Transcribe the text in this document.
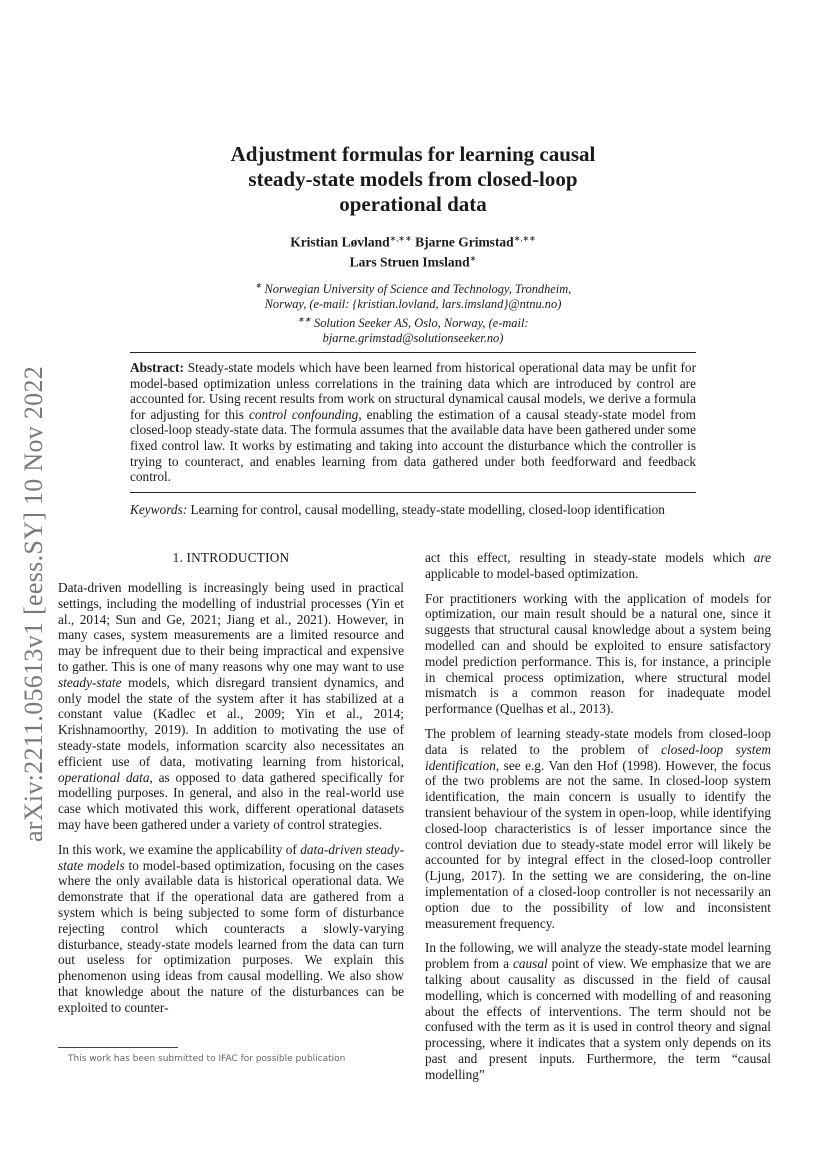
arXiv:2211.05613v1 [eess.SY] 10 Nov 2022
Adjustment formulas for learning causal
steady-state models from closed-loop
operational data
Kristian Løvland∗,∗∗ Bjarne Grimstad∗,∗∗
Lars Struen Imsland∗
∗ Norwegian University of Science and Technology, Trondheim,
Norway, (e-mail: {kristian.lovland, lars.imsland}@ntnu.no)
∗∗ Solution Seeker AS, Oslo, Norway, (e-mail:
bjarne.grimstad@solutionseeker.no)
Abstract: Steady-state models which have been learned from historical operational data may be unfit for model-based optimization unless correlations in the training data which are introduced by control are accounted for. Using recent results from work on structural dynamical causal models, we derive a formula for adjusting for this control confounding, enabling the estimation of a causal steady-state model from closed-loop steady-state data. The formula assumes that the available data have been gathered under some fixed control law. It works by estimating and taking into account the disturbance which the controller is trying to counteract, and enables learning from data gathered under both feedforward and feedback control.
Keywords: Learning for control, causal modelling, steady-state modelling, closed-loop identification
1. INTRODUCTION

Data-driven modelling is increasingly being used in practical settings, including the modelling of industrial processes (Yin et al., 2014; Sun and Ge, 2021; Jiang et al., 2021). However, in many cases, system measurements are a limited resource and may be infrequent due to their being impractical and expensive to gather. This is one of many reasons why one may want to use steady-state models, which disregard transient dynamics, and only model the state of the system after it has stabilized at a constant value (Kadlec et al., 2009; Yin et al., 2014; Krishnamoorthy, 2019). In addition to motivating the use of steady-state models, information scarcity also necessitates an efficient use of data, motivating learning from historical, operational data, as opposed to data gathered specifically for modelling purposes. In general, and also in the real-world use case which motivated this work, different operational datasets may have been gathered under a variety of control strategies.

In this work, we examine the applicability of data-driven steady-state models to model-based optimization, focusing on the cases where the only available data is historical operational data. We demonstrate that if the operational data are gathered from a system which is being subjected to some form of disturbance rejecting control which counteracts a slowly-varying disturbance, steady-state models learned from the data can turn out useless for optimization purposes. We explain this phenomenon using ideas from causal modelling. We also show that knowledge about the nature of the disturbances can be exploited to counter-

act this effect, resulting in steady-state models which are applicable to model-based optimization.

For practitioners working with the application of models for optimization, our main result should be a natural one, since it suggests that structural causal knowledge about a system being modelled can and should be exploited to ensure satisfactory model prediction performance. This is, for instance, a principle in chemical process optimization, where structural model mismatch is a common reason for inadequate model performance (Quelhas et al., 2013).

The problem of learning steady-state models from closed-loop data is related to the problem of closed-loop system identification, see e.g. Van den Hof (1998). However, the focus of the two problems are not the same. In closed-loop system identification, the main concern is usually to identify the transient behaviour of the system in open-loop, while identifying closed-loop characteristics is of lesser importance since the control deviation due to steady-state model error will likely be accounted for by integral effect in the closed-loop controller (Ljung, 2017). In the setting we are considering, the on-line implementation of a closed-loop controller is not necessarily an option due to the possibility of low and inconsistent measurement frequency.

In the following, we will analyze the steady-state model learning problem from a causal point of view. We emphasize that we are talking about causality as discussed in the field of causal modelling, which is concerned with modelling of and reasoning about the effects of interventions. The term should not be confused with the term as it is used in control theory and signal processing, where it indicates that a system only depends on its past and present inputs. Furthermore, the term “causal modelling”

This work has been submitted to IFAC for possible publication
